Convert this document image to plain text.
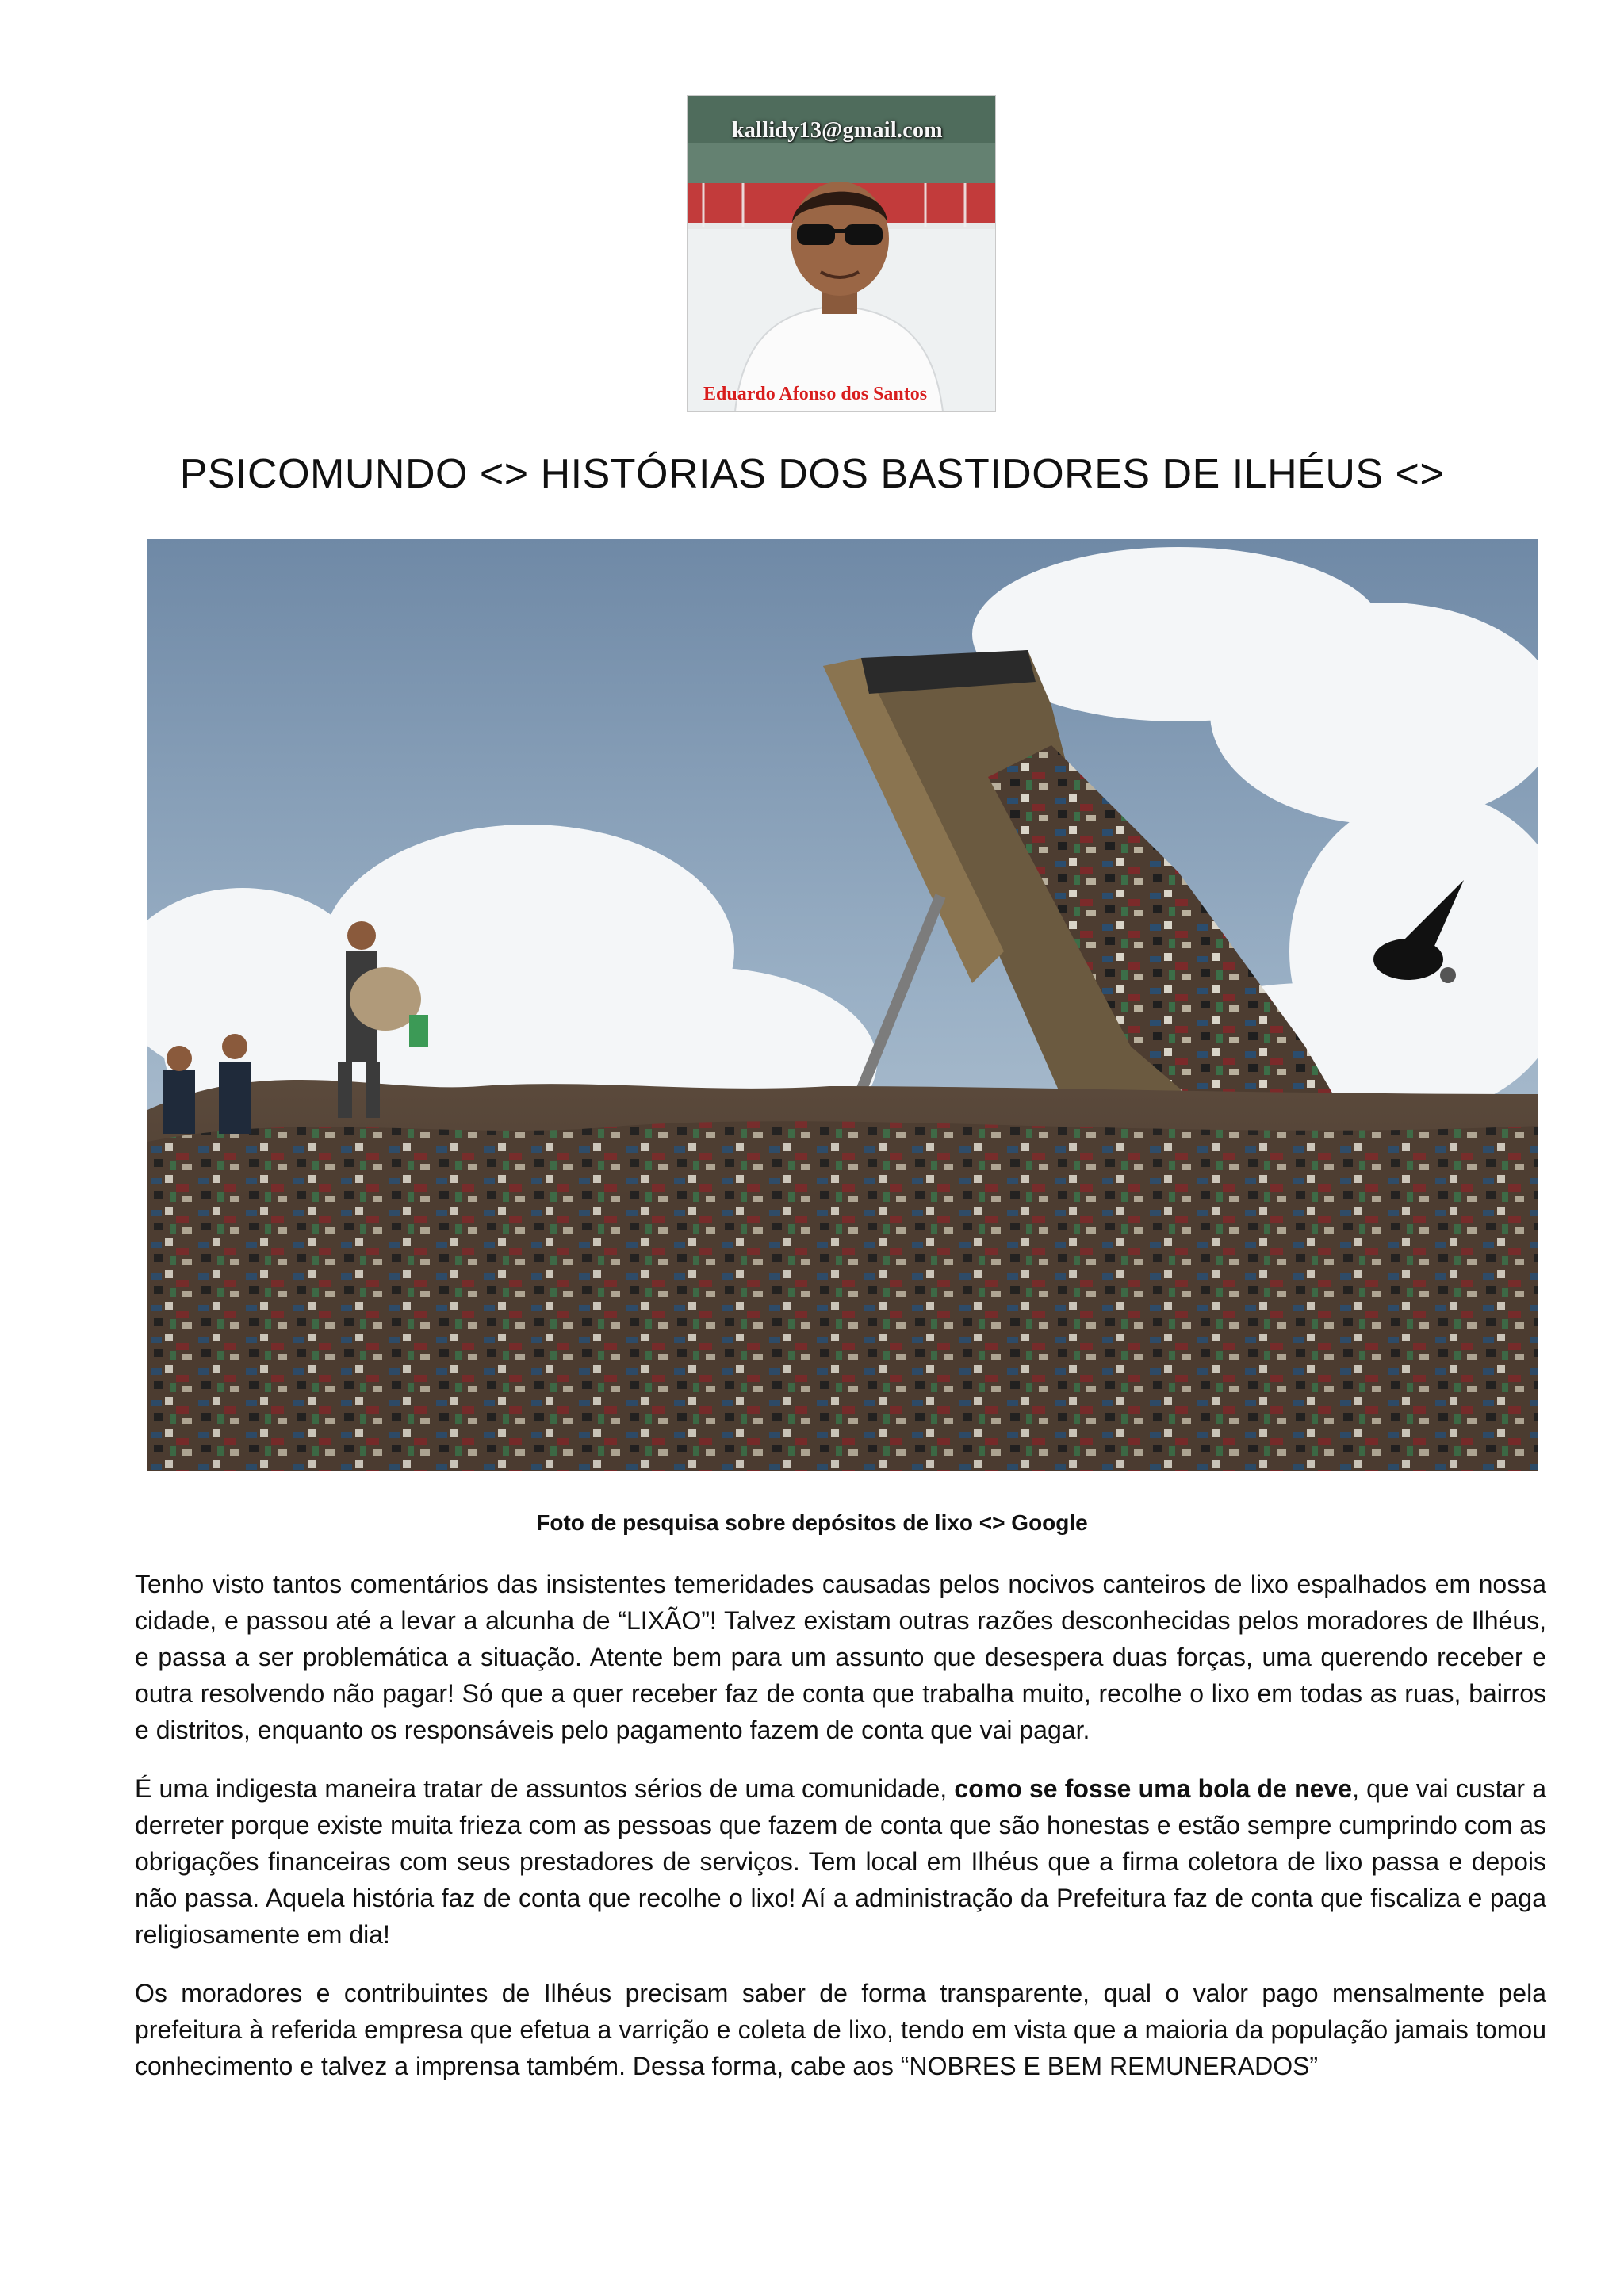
kallidy13@gmail.com
Eduardo Afonso dos Santos
PSICOMUNDO <> HISTÓRIAS DOS BASTIDORES DE ILHÉUS <>
Foto de pesquisa sobre depósitos de lixo <> Google

Tenho visto tantos comentários das insistentes temeridades causadas pelos nocivos canteiros de lixo espalhados em nossa cidade, e passou até a levar a alcunha de “LIXÃO”! Talvez existam outras razões desconhecidas pelos moradores de Ilhéus, e passa a ser problemática a situação. Atente bem para um assunto que desespera duas forças, uma querendo receber e outra resolvendo não pagar! Só que a quer receber faz de conta que trabalha muito, recolhe o lixo em todas as ruas, bairros e distritos, enquanto os responsáveis pelo pagamento fazem de conta que vai pagar.

É uma indigesta maneira tratar de assuntos sérios de uma comunidade, como se fosse uma bola de neve, que vai custar a derreter porque existe muita frieza com as pessoas que fazem de conta que são honestas e estão sempre cumprindo com as obrigações financeiras com seus prestadores de serviços. Tem local em Ilhéus que a firma coletora de lixo passa e depois não passa. Aquela história faz de conta que recolhe o lixo! Aí a administração da Prefeitura faz de conta que fiscaliza e paga religiosamente em dia!

Os moradores e contribuintes de Ilhéus precisam saber de forma transparente, qual o valor pago mensalmente pela prefeitura à referida empresa que efetua a varrição e coleta de lixo, tendo em vista que a maioria da população jamais tomou conhecimento e talvez a imprensa também. Dessa forma, cabe aos “NOBRES E BEM REMUNERADOS”
